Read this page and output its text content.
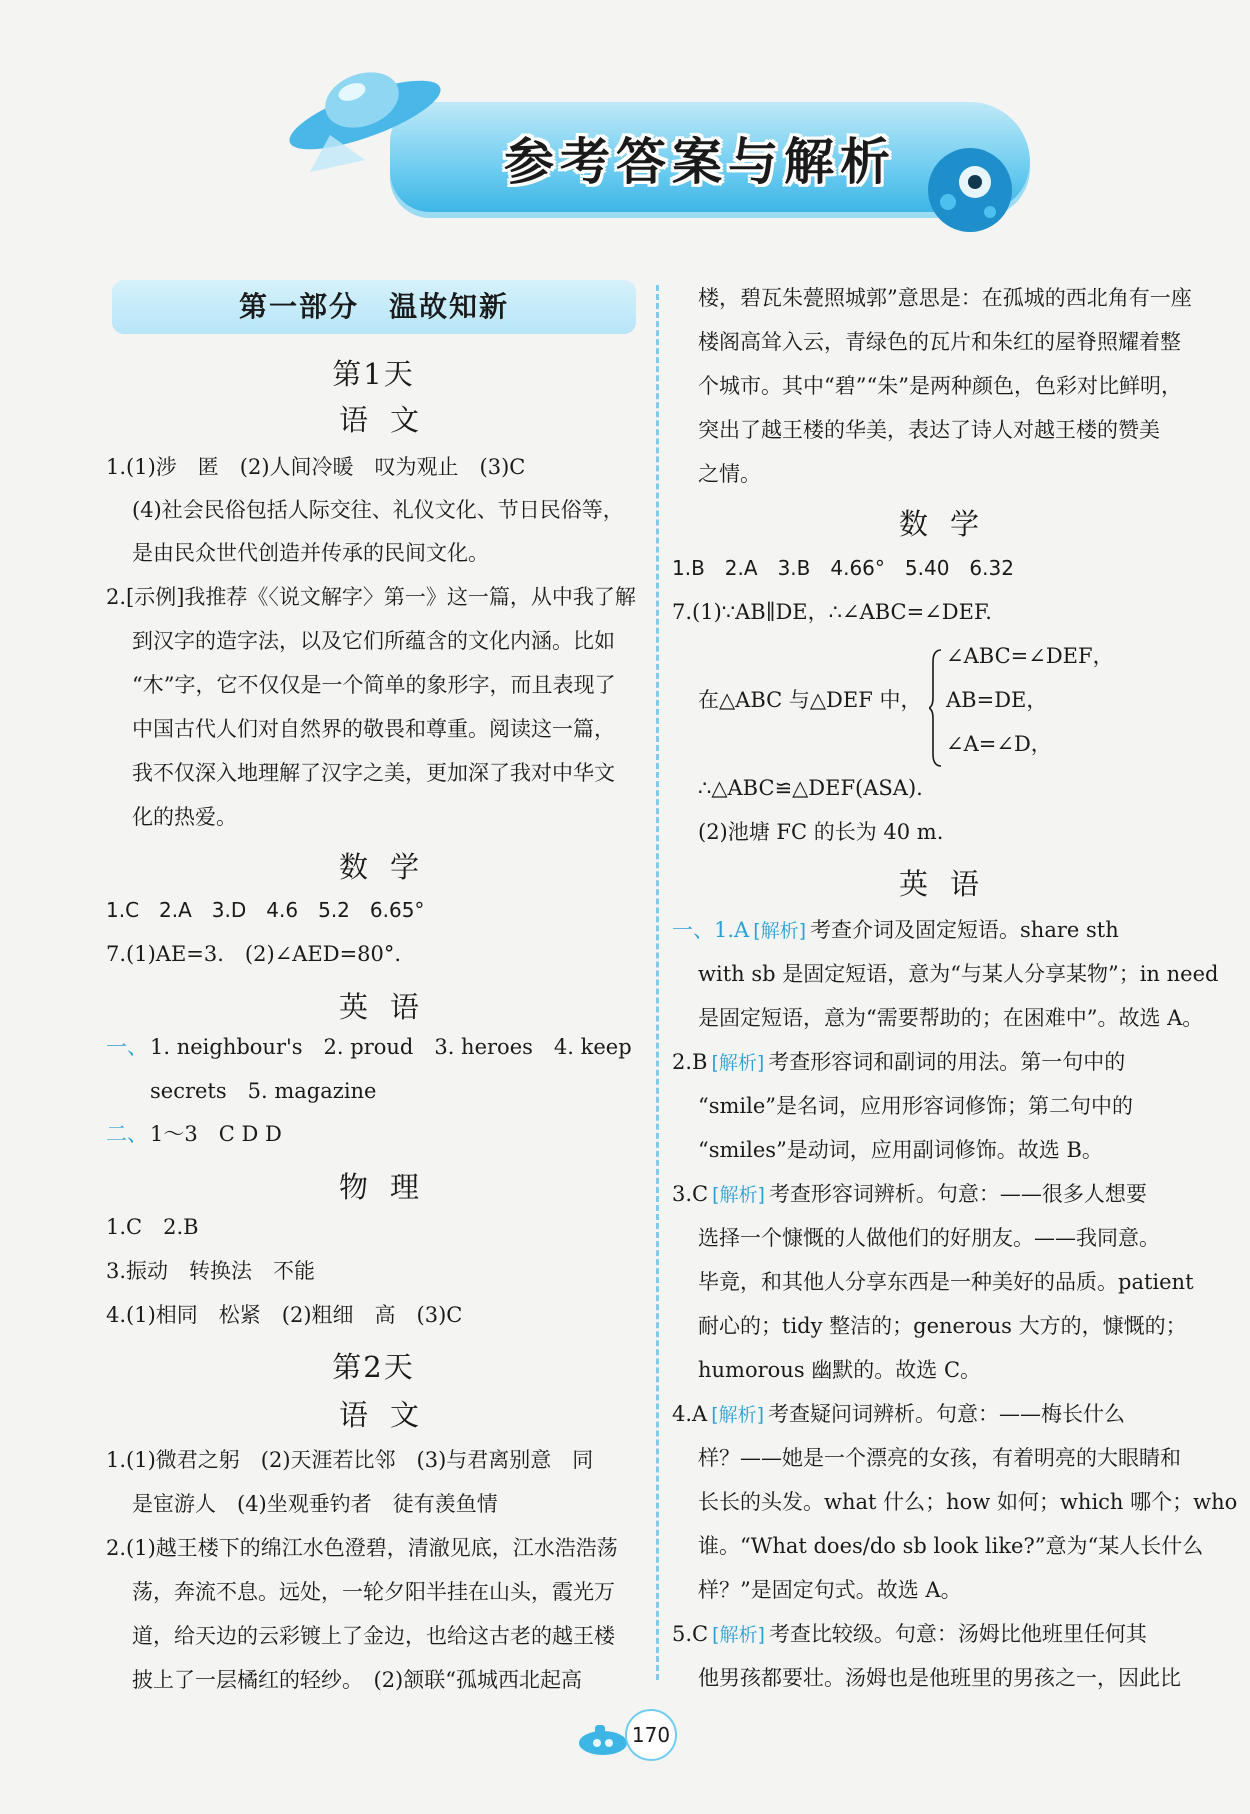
参考答案与解析
第一部分　温故知新
第1天
语文
1.(1)涉　匿　(2)人间冷暖　叹为观止　(3)C
(4)社会民俗包括人际交往、礼仪文化、节日民俗等，
是由民众世代创造并传承的民间文化。
2.[示例]我推荐《〈说文解字〉第一》这一篇，从中我了解
到汉字的造字法，以及它们所蕴含的文化内涵。比如
“木”字，它不仅仅是一个简单的象形字，而且表现了
中国古代人们对自然界的敬畏和尊重。阅读这一篇，
我不仅深入地理解了汉字之美，更加深了我对中华文
化的热爱。
数学
1.C　2.A　3.D　4.6　5.2　6.65°
7.(1)AE=3.　(2)∠AED=80°.
英语
一、 1. neighbour's　2. proud　3. heroes　4. keep
secrets　5. magazine
二、 1～3　C D D
物理
1.C　2.B
3.振动　转换法　不能
4.(1)相同　松紧　(2)粗细　高　(3)C
第2天
语文
1.(1)微君之躬　(2)天涯若比邻　(3)与君离别意　同
是宦游人　(4)坐观垂钓者　徒有羡鱼情
2.(1)越王楼下的绵江水色澄碧，清澈见底，江水浩浩荡
荡，奔流不息。远处，一轮夕阳半挂在山头，霞光万
道，给天边的云彩镀上了金边，也给这古老的越王楼
披上了一层橘红的轻纱。　(2)颔联“孤城西北起高
楼，碧瓦朱甍照城郭”意思是：在孤城的西北角有一座
楼阁高耸入云，青绿色的瓦片和朱红的屋脊照耀着整
个城市。其中“碧”“朱”是两种颜色，色彩对比鲜明，
突出了越王楼的华美，表达了诗人对越王楼的赞美
之情。
数学
1.B　2.A　3.B　4.66°　5.40　6.32
7.(1)∵AB∥DE，∴∠ABC=∠DEF.
∠ABC=∠DEF，
在△ABC 与△DEF 中， AB=DE，
∠A=∠D，
∴△ABC≌△DEF(ASA).
(2)池塘 FC 的长为 40 m.
英语
一、1.A [解析] 考查介词及固定短语。share sth
with sb 是固定短语，意为“与某人分享某物”；in need
是固定短语，意为“需要帮助的；在困难中”。故选 A。
2.B [解析] 考查形容词和副词的用法。第一句中的
“smile”是名词，应用形容词修饰；第二句中的
“smiles”是动词，应用副词修饰。故选 B。
3.C [解析] 考查形容词辨析。句意：——很多人想要
选择一个慷慨的人做他们的好朋友。——我同意。
毕竟，和其他人分享东西是一种美好的品质。patient
耐心的；tidy 整洁的；generous 大方的，慷慨的；
humorous 幽默的。故选 C。
4.A [解析] 考查疑问词辨析。句意：——梅长什么
样？——她是一个漂亮的女孩，有着明亮的大眼睛和
长长的头发。what 什么；how 如何；which 哪个；who
谁。“What does/do sb look like?”意为“某人长什么
样？”是固定句式。故选 A。
5.C [解析] 考查比较级。句意：汤姆比他班里任何其
他男孩都要壮。汤姆也是他班里的男孩之一，因此比
170
